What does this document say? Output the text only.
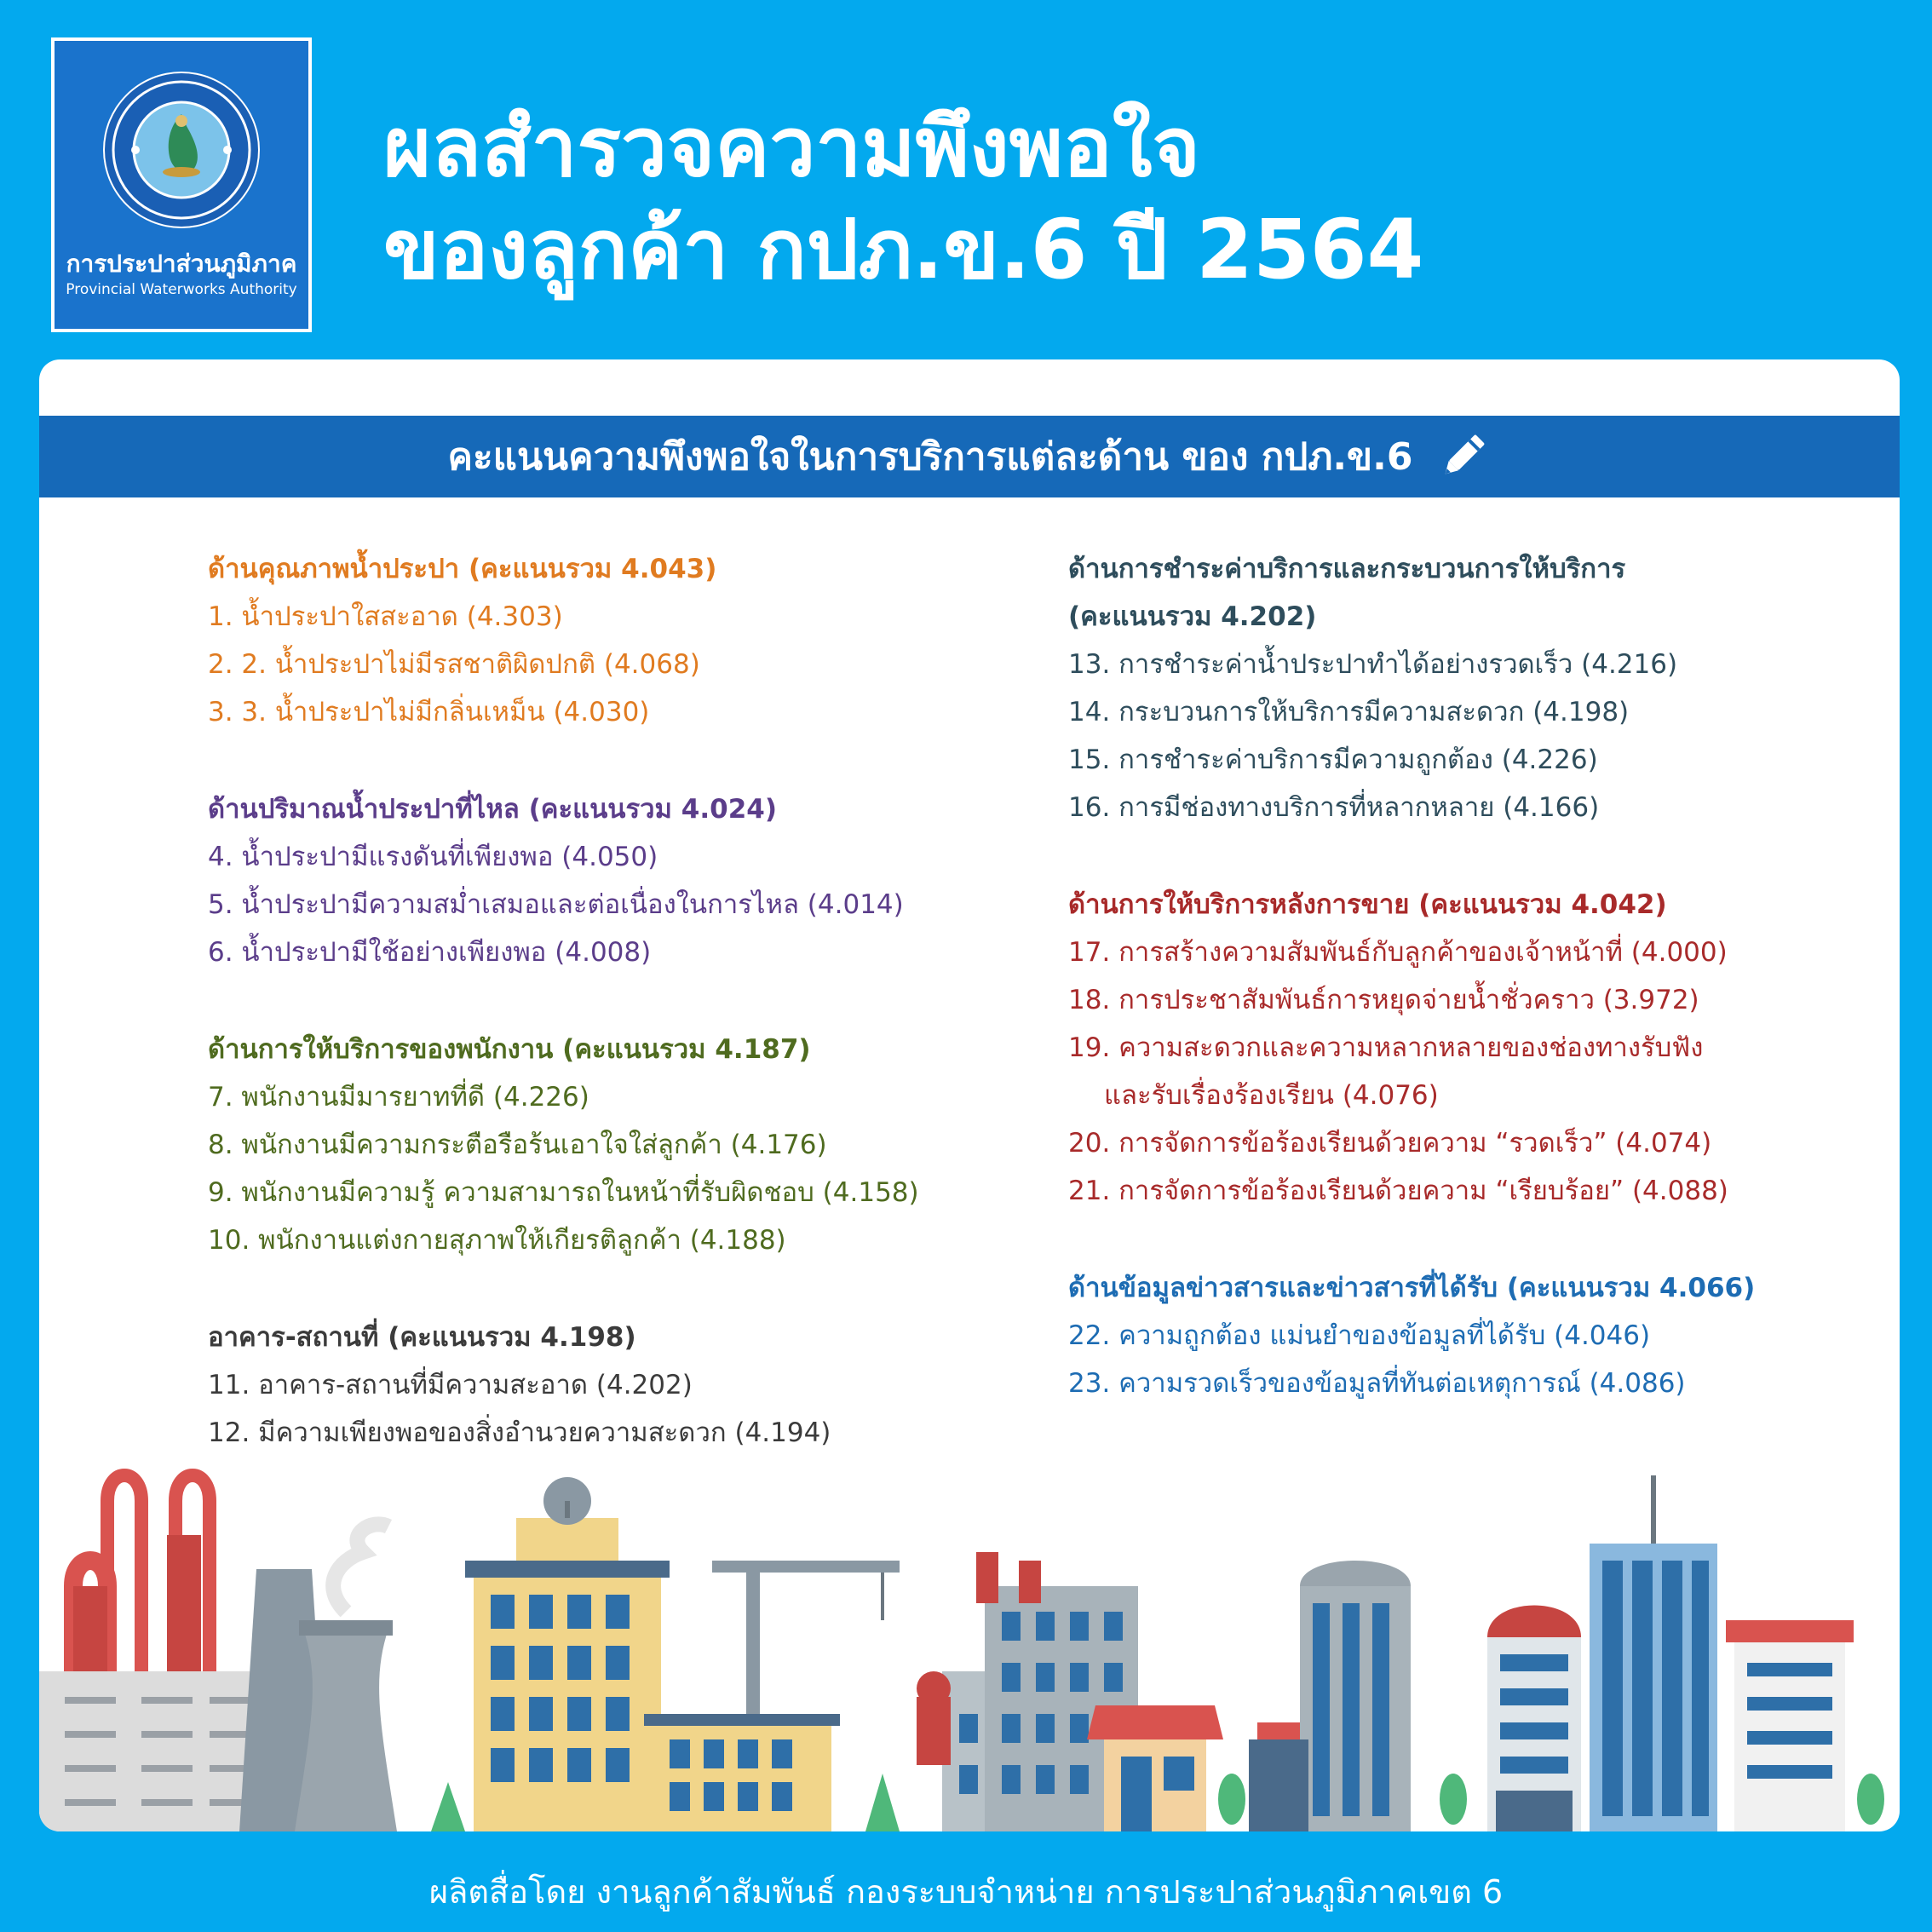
การประปาส่วนภูมิภาค
Provincial Waterworks Authority
ผลสำรวจความพึงพอใจ
ของลูกค้า กปภ.ข.6 ปี 2564
คะแนนความพึงพอใจในการบริการแต่ละด้าน ของ กปภ.ข.6
ด้านคุณภาพน้ำประปา (คะแนนรวม 4.043)
1. น้ำประปาใสสะอาด (4.303)
2. 2. น้ำประปาไม่มีรสชาติผิดปกติ (4.068)
3. 3. น้ำประปาไม่มีกลิ่นเหม็น (4.030)
ด้านปริมาณน้ำประปาที่ไหล (คะแนนรวม 4.024)
4. น้ำประปามีแรงดันที่เพียงพอ (4.050)
5. น้ำประปามีความสม่ำเสมอและต่อเนื่องในการไหล (4.014)
6. น้ำประปามีใช้อย่างเพียงพอ (4.008)
ด้านการให้บริการของพนักงาน (คะแนนรวม 4.187)
7. พนักงานมีมารยาทที่ดี (4.226)
8. พนักงานมีความกระตือรือร้นเอาใจใส่ลูกค้า (4.176)
9. พนักงานมีความรู้ ความสามารถในหน้าที่รับผิดชอบ (4.158)
10. พนักงานแต่งกายสุภาพให้เกียรติลูกค้า (4.188)
อาคาร-สถานที่ (คะแนนรวม 4.198)
11. อาคาร-สถานที่มีความสะอาด (4.202)
12. มีความเพียงพอของสิ่งอำนวยความสะดวก (4.194)
ด้านการชำระค่าบริการและกระบวนการให้บริการ
(คะแนนรวม 4.202)
13. การชำระค่าน้ำประปาทำได้อย่างรวดเร็ว (4.216)
14. กระบวนการให้บริการมีความสะดวก (4.198)
15. การชำระค่าบริการมีความถูกต้อง (4.226)
16. การมีช่องทางบริการที่หลากหลาย (4.166)
ด้านการให้บริการหลังการขาย (คะแนนรวม 4.042)
17. การสร้างความสัมพันธ์กับลูกค้าของเจ้าหน้าที่ (4.000)
18. การประชาสัมพันธ์การหยุดจ่ายน้ำชั่วคราว (3.972)
19. ความสะดวกและความหลากหลายของช่องทางรับฟัง
และรับเรื่องร้องเรียน (4.076)
20. การจัดการข้อร้องเรียนด้วยความ “รวดเร็ว” (4.074)
21. การจัดการข้อร้องเรียนด้วยความ “เรียบร้อย” (4.088)
ด้านข้อมูลข่าวสารและข่าวสารที่ได้รับ (คะแนนรวม 4.066)
22. ความถูกต้อง แม่นยำของข้อมูลที่ได้รับ (4.046)
23. ความรวดเร็วของข้อมูลที่ทันต่อเหตุการณ์ (4.086)
ผลิตสื่อโดย งานลูกค้าสัมพันธ์ กองระบบจำหน่าย การประปาส่วนภูมิภาคเขต 6
